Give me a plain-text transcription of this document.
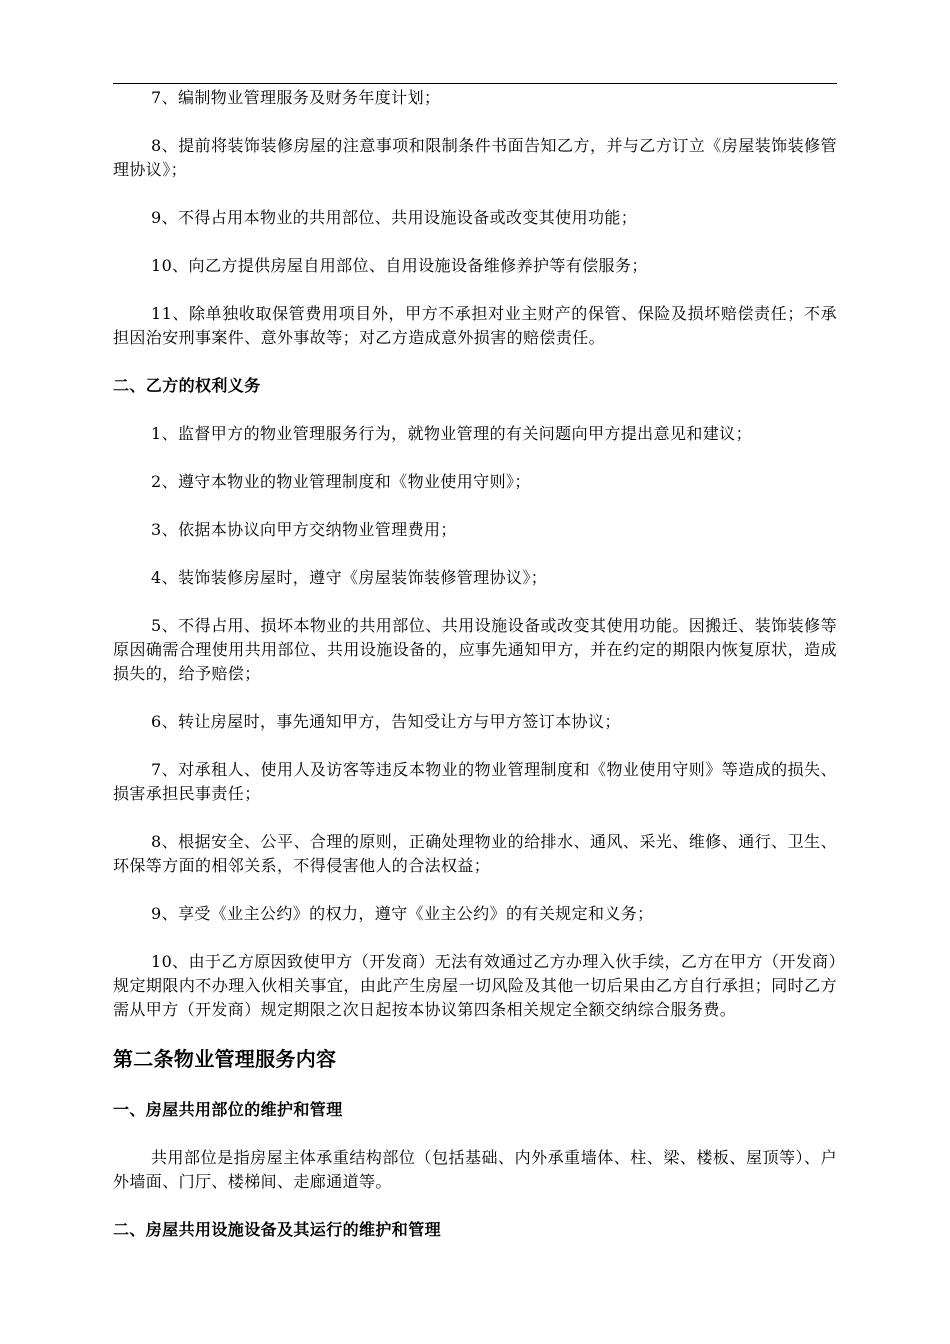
7、编制物业管理服务及财务年度计划；

8、提前将装饰装修房屋的注意事项和限制条件书面告知乙方，并与乙方订立《房屋装饰装修管理协议》；

9、不得占用本物业的共用部位、共用设施设备或改变其使用功能；

10、向乙方提供房屋自用部位、自用设施设备维修养护等有偿服务；

11、除单独收取保管费用项目外，甲方不承担对业主财产的保管、保险及损坏赔偿责任；不承担因治安刑事案件、意外事故等；对乙方造成意外损害的赔偿责任。

二、乙方的权利义务

1、监督甲方的物业管理服务行为，就物业管理的有关问题向甲方提出意见和建议；

2、遵守本物业的物业管理制度和《物业使用守则》；

3、依据本协议向甲方交纳物业管理费用；

4、装饰装修房屋时，遵守《房屋装饰装修管理协议》；

5、不得占用、损坏本物业的共用部位、共用设施设备或改变其使用功能。因搬迁、装饰装修等原因确需合理使用共用部位、共用设施设备的，应事先通知甲方，并在约定的期限内恢复原状，造成损失的，给予赔偿；

6、转让房屋时，事先通知甲方，告知受让方与甲方签订本协议；

7、对承租人、使用人及访客等违反本物业的物业管理制度和《物业使用守则》等造成的损失、损害承担民事责任；

8、根据安全、公平、合理的原则，正确处理物业的给排水、通风、采光、维修、通行、卫生、环保等方面的相邻关系，不得侵害他人的合法权益；

9、享受《业主公约》的权力，遵守《业主公约》的有关规定和义务；

10、由于乙方原因致使甲方（开发商）无法有效通过乙方办理入伙手续，乙方在甲方（开发商）规定期限内不办理入伙相关事宜，由此产生房屋一切风险及其他一切后果由乙方自行承担；同时乙方需从甲方（开发商）规定期限之次日起按本协议第四条相关规定全额交纳综合服务费。

第二条物业管理服务内容
一、房屋共用部位的维护和管理

共用部位是指房屋主体承重结构部位（包括基础、内外承重墙体、柱、梁、楼板、屋顶等）、户外墙面、门厅、楼梯间、走廊通道等。

二、房屋共用设施设备及其运行的维护和管理
